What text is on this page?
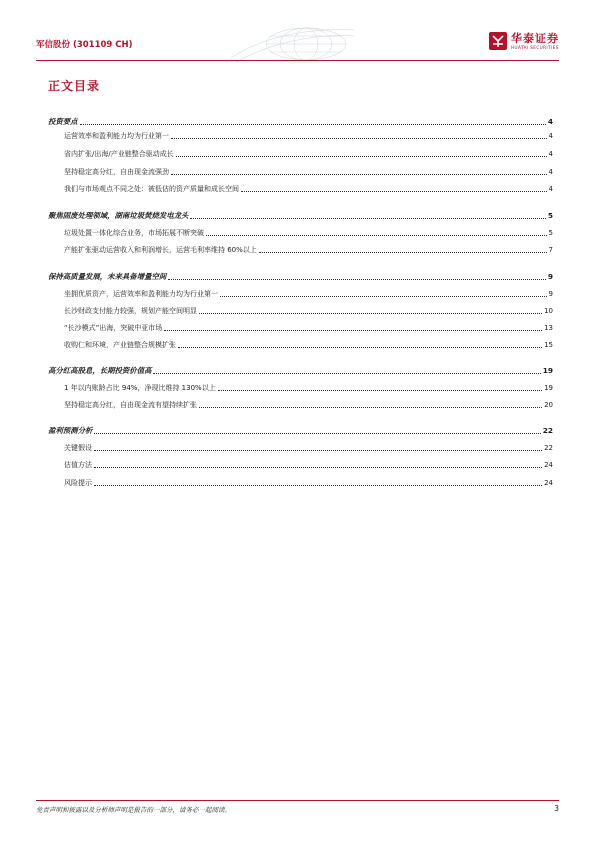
军信股份 (301109 CH)	华泰证券
HUATAI SECURITIES
正文目录
投资要点	4
运营效率和盈利能力均为行业第一	4
省内扩张/出海/产业链整合驱动成长	4
坚持稳定高分红，自由现金流强劲	4
我们与市场观点不同之处：被低估的资产质量和成长空间	4
聚焦固废处理领域，湖南垃圾焚烧发电龙头	5
垃圾处置一体化综合业务，市场拓展不断突破	5
产能扩张驱动运营收入和利润增长，运营毛利率维持 60%以上	7
保持高质量发展，未来具备增量空间	9
坐拥优质资产，运营效率和盈利能力均为行业第一	9
长沙财政支付能力较强，规划产能空间明显	10
“长沙模式”出海，突破中亚市场	13
收购仁和环境，产业链整合规模扩张	15
高分红高股息，长期投资价值高	19
1 年以内账龄占比 94%，净现比维持 130%以上	19
坚持稳定高分红，自由现金流有望持续扩张	20
盈利预测分析	22
关键假设	22
估值方法	24
风险提示	24
免责声明和披露以及分析师声明是报告的一部分，请务必一起阅读。	3
